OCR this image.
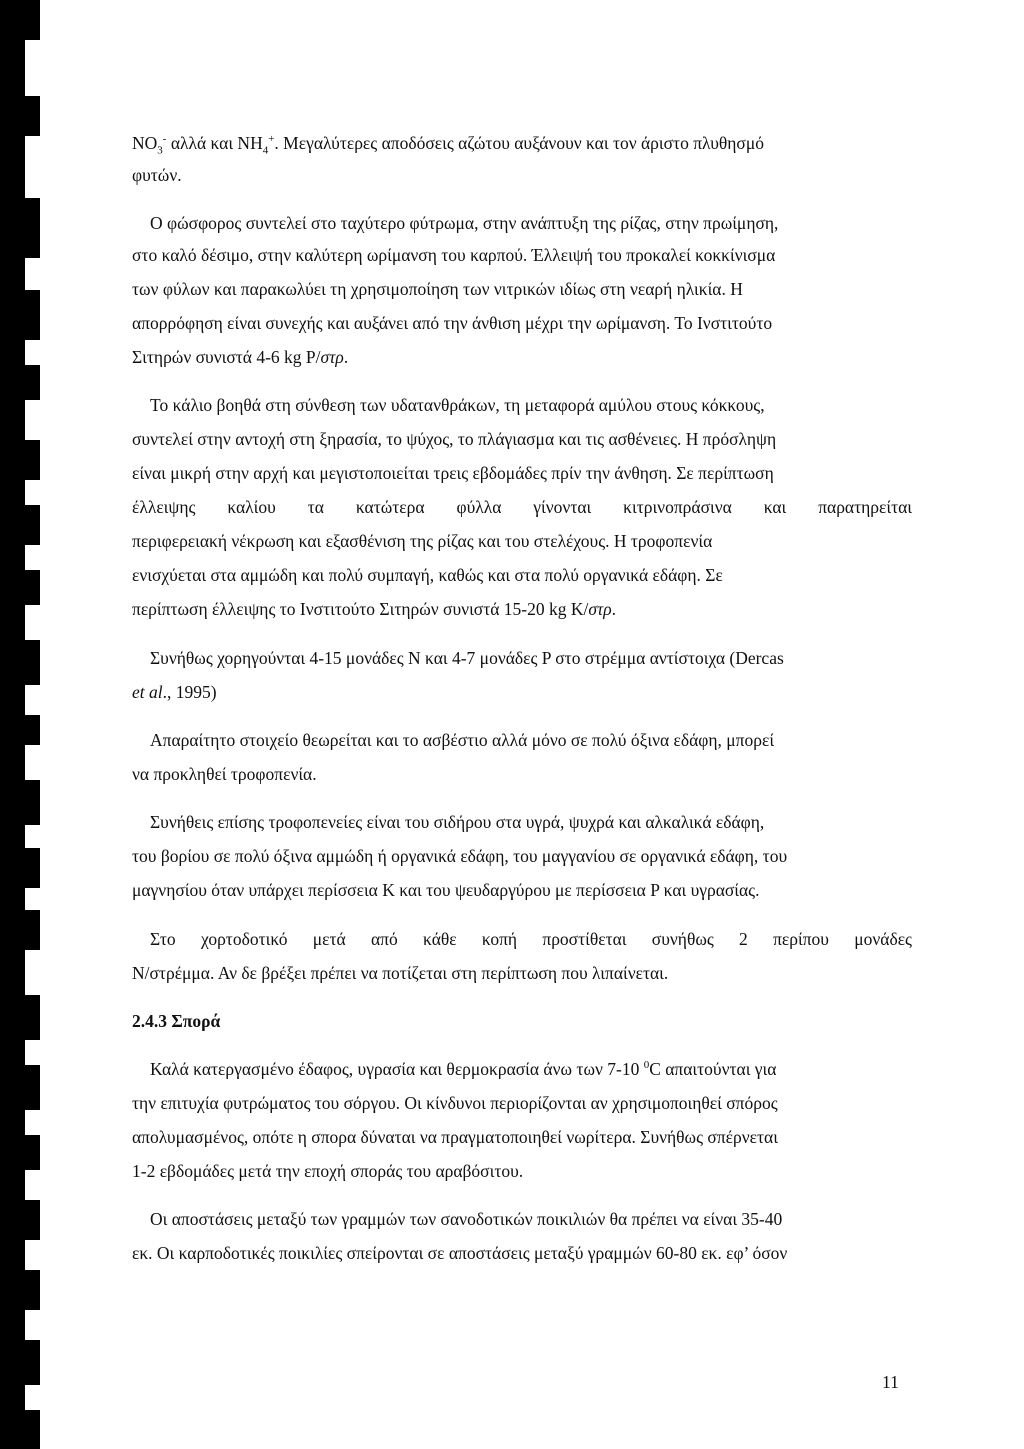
$NO_3^-$ αλλά και $NH_4^+$. Μεγαλύτερες αποδόσεις αζώτου αυξάνουν και τον άριστο πλυθησμό
φυτών.
Ο φώσφορος συντελεί στο ταχύτερο φύτρωμα, στην ανάπτυξη της ρίζας, στην πρωίμηση,
στο καλό δέσιμο, στην καλύτερη ωρίμανση του καρπού. Έλλειψή του προκαλεί κοκκίνισμα
των φύλων και παρακωλύει τη χρησιμοποίηση των νιτρικών ιδίως στη νεαρή ηλικία. Η
απορρόφηση είναι συνεχής και αυξάνει από την άνθιση μέχρι την ωρίμανση. Το Ινστιτούτο
Σιτηρών συνιστά 4-6 kg P/στρ.
Το κάλιο βοηθά στη σύνθεση των υδατανθράκων, τη μεταφορά αμύλου στους κόκκους,
συντελεί στην αντοχή στη ξηρασία, το ψύχος, το πλάγιασμα και τις ασθένειες. Η πρόσληψη
είναι μικρή στην αρχή και μεγιστοποιείται τρεις εβδομάδες πρίν την άνθηση. Σε περίπτωση
έλλειψης καλίου τα κατώτερα φύλλα γίνονται κιτρινοπράσινα και παρατηρείται
περιφερειακή νέκρωση και εξασθένιση της ρίζας και του στελέχους. Η τροφοπενία
ενισχύεται στα αμμώδη και πολύ συμπαγή, καθώς και στα πολύ οργανικά εδάφη. Σε
περίπτωση έλλειψης το Ινστιτούτο Σιτηρών συνιστά 15-20 kg K/στρ.
Συνήθως χορηγούνται 4-15 μονάδες N και 4-7 μονάδες P στο στρέμμα αντίστοιχα (Dercas
et al., 1995)
Απαραίτητο στοιχείο θεωρείται και το ασβέστιο αλλά μόνο σε πολύ όξινα εδάφη, μπορεί
να προκληθεί τροφοπενία.
Συνήθεις επίσης τροφοπενείες είναι του σιδήρου στα υγρά, ψυχρά και αλκαλικά εδάφη,
του βορίου σε πολύ όξινα αμμώδη ή οργανικά εδάφη, του μαγγανίου σε οργανικά εδάφη, του
μαγνησίου όταν υπάρχει περίσσεια K και του ψευδαργύρου με περίσσεια P και υγρασίας.
Στο χορτοδοτικό μετά από κάθε κοπή προστίθεται συνήθως 2 περίπου μονάδες
N/στρέμμα. Αν δε βρέξει πρέπει να ποτίζεται στη περίπτωση που λιπαίνεται.
2.4.3 Σπορά
Καλά κατεργασμένο έδαφος, υγρασία και θερμοκρασία άνω των 7-10 $^0$C απαιτούνται για
την επιτυχία φυτρώματος του σόργου. Οι κίνδυνοι περιορίζονται αν χρησιμοποιηθεί σπόρος
απολυμασμένος, οπότε η σπορα δύναται να πραγματοποιηθεί νωρίτερα. Συνήθως σπέρνεται
1-2 εβδομάδες μετά την εποχή σποράς του αραβόσιτου.
Οι αποστάσεις μεταξύ των γραμμών των σανοδοτικών ποικιλιών θα πρέπει να είναι 35-40
εκ. Οι καρποδοτικές ποικιλίες σπείρονται σε αποστάσεις μεταξύ γραμμών 60-80 εκ. εφ’ όσον
11
